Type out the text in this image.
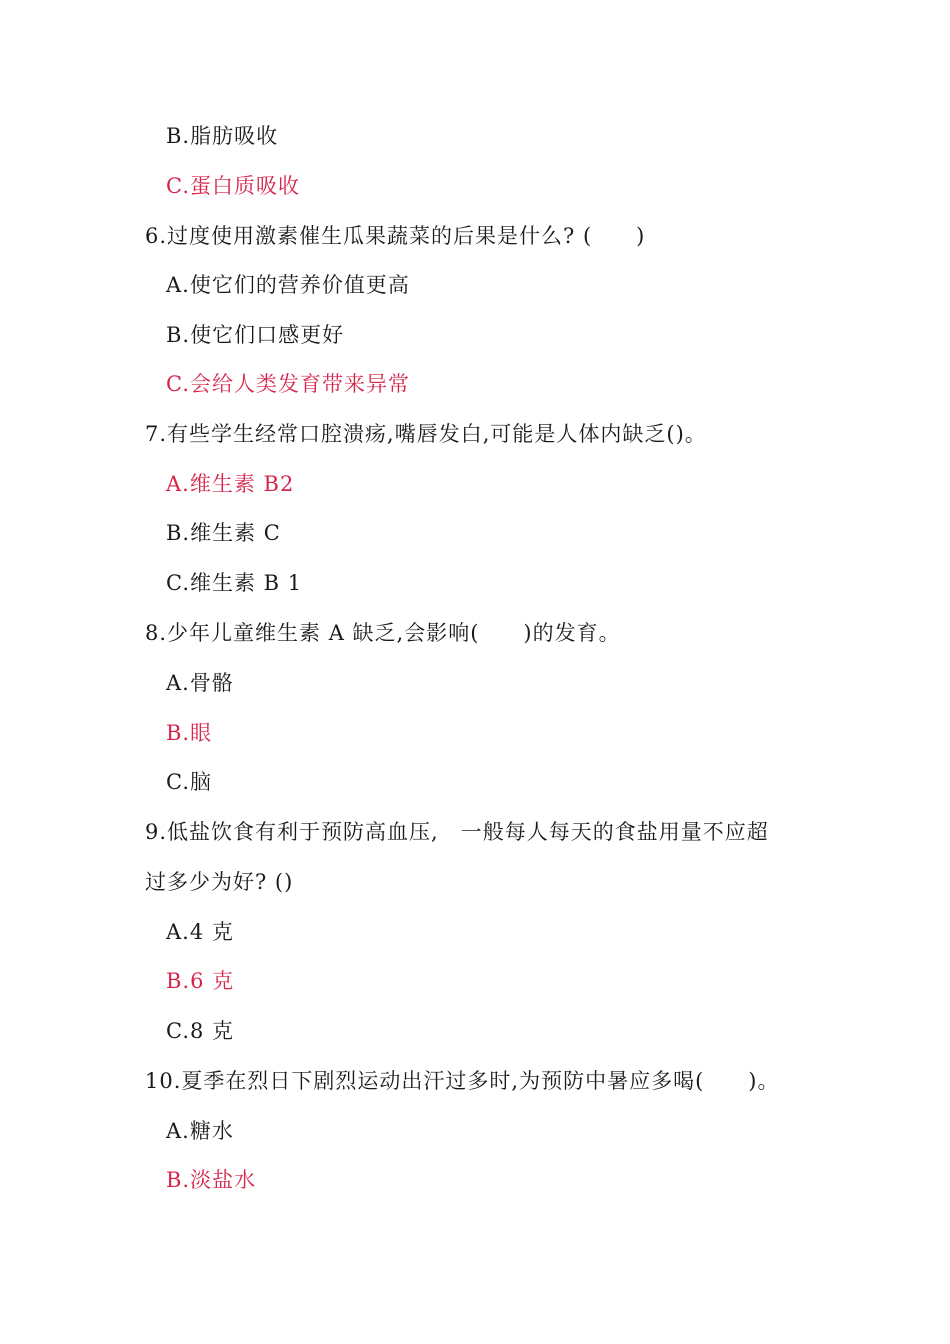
B.脂肪吸收
C.蛋白质吸收
6.过度使用激素催生瓜果蔬菜的后果是什么? (　　)
A.使它们的营养价值更高
B.使它们口感更好
C.会给人类发育带来异常
7.有些学生经常口腔溃疡,嘴唇发白,可能是人体内缺乏()。
A.维生素 B2
B.维生素 C
C.维生素 B 1
8.少年儿童维生素 A 缺乏,会影响(　　)的发育。
A.骨骼
B.眼
C.脑
9.低盐饮食有利于预防高血压,　一般每人每天的食盐用量不应超
过多少为好? ()
A.4 克
B.6 克
C.8 克
10.夏季在烈日下剧烈运动出汗过多时,为预防中暑应多喝(　　)。
A.糖水
B.淡盐水
